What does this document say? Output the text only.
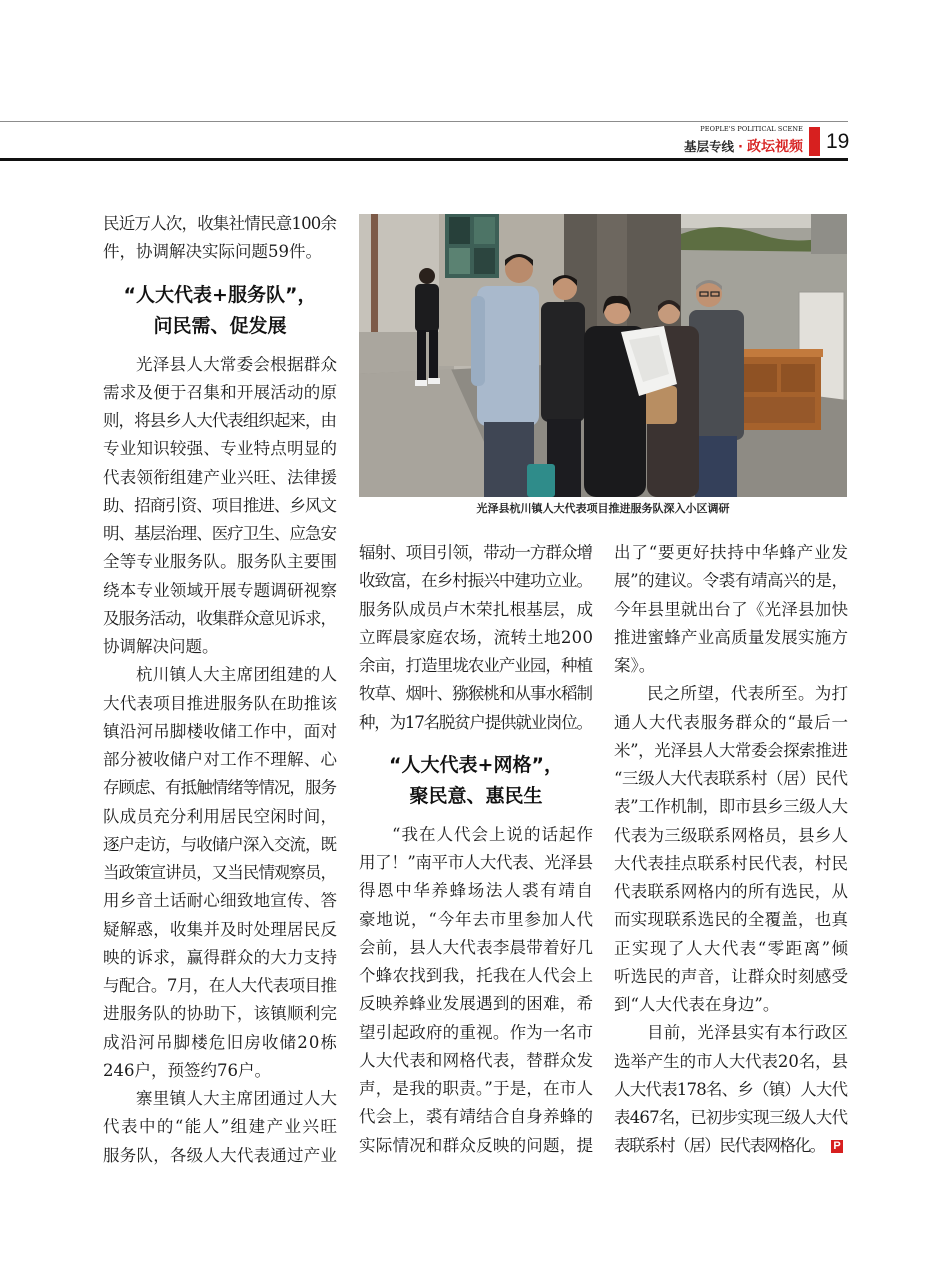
PEOPLE'S POLITICAL SCENE
基层专线 · 政坛视频 19
光泽县杭川镇人大代表项目推进服务队深入小区调研
民近万人次，收集社情民意100余
件，协调解决实际问题59件。
“人大代表+服务队”，
问民需、促发展
光泽县人大常委会根据群众
需求及便于召集和开展活动的原
则，将县乡人大代表组织起来，由
专业知识较强、专业特点明显的
代表领衔组建产业兴旺、法律援
助、招商引资、项目推进、乡风文
明、基层治理、医疗卫生、应急安
全等专业服务队。服务队主要围
绕本专业领域开展专题调研视察
及服务活动，收集群众意见诉求，
协调解决问题。
杭川镇人大主席团组建的人
大代表项目推进服务队在助推该
镇沿河吊脚楼收储工作中，面对
部分被收储户对工作不理解、心
存顾虑、有抵触情绪等情况，服务
队成员充分利用居民空闲时间，
逐户走访，与收储户深入交流，既
当政策宣讲员，又当民情观察员，
用乡音土话耐心细致地宣传、答
疑解惑，收集并及时处理居民反
映的诉求，赢得群众的大力支持
与配合。7月，在人大代表项目推
进服务队的协助下，该镇顺利完
成沿河吊脚楼危旧房收储20栋
246户，预签约76户。
寨里镇人大主席团通过人大
代表中的“能人”组建产业兴旺
服务队，各级人大代表通过产业
辐射、项目引领，带动一方群众增
收致富，在乡村振兴中建功立业。
服务队成员卢木荣扎根基层，成
立晖晨家庭农场，流转土地200
余亩，打造里垅农业产业园，种植
牧草、烟叶、猕猴桃和从事水稻制
种，为17名脱贫户提供就业岗位。
“人大代表+网格”，
聚民意、惠民生
“我在人代会上说的话起作
用了！”南平市人大代表、光泽县
得恩中华养蜂场法人裘有靖自
豪地说，“今年去市里参加人代
会前，县人大代表李晨带着好几
个蜂农找到我，托我在人代会上
反映养蜂业发展遇到的困难，希
望引起政府的重视。作为一名市
人大代表和网格代表，替群众发
声，是我的职责。”于是，在市人
代会上，裘有靖结合自身养蜂的
实际情况和群众反映的问题，提
出了“要更好扶持中华蜂产业发
展”的建议。令裘有靖高兴的是，
今年县里就出台了《光泽县加快
推进蜜蜂产业高质量发展实施方
案》。
民之所望，代表所至。为打
通人大代表服务群众的“最后一
米”，光泽县人大常委会探索推进
“三级人大代表联系村（居）民代
表”工作机制，即市县乡三级人大
代表为三级联系网格员，县乡人
大代表挂点联系村民代表，村民
代表联系网格内的所有选民，从
而实现联系选民的全覆盖，也真
正实现了人大代表“零距离”倾
听选民的声音，让群众时刻感受
到“人大代表在身边”。
目前，光泽县实有本行政区
选举产生的市人大代表20名，县
人大代表178名、乡（镇）人大代
表467名，已初步实现三级人大代
表联系村（居）民代表网格化。 P
